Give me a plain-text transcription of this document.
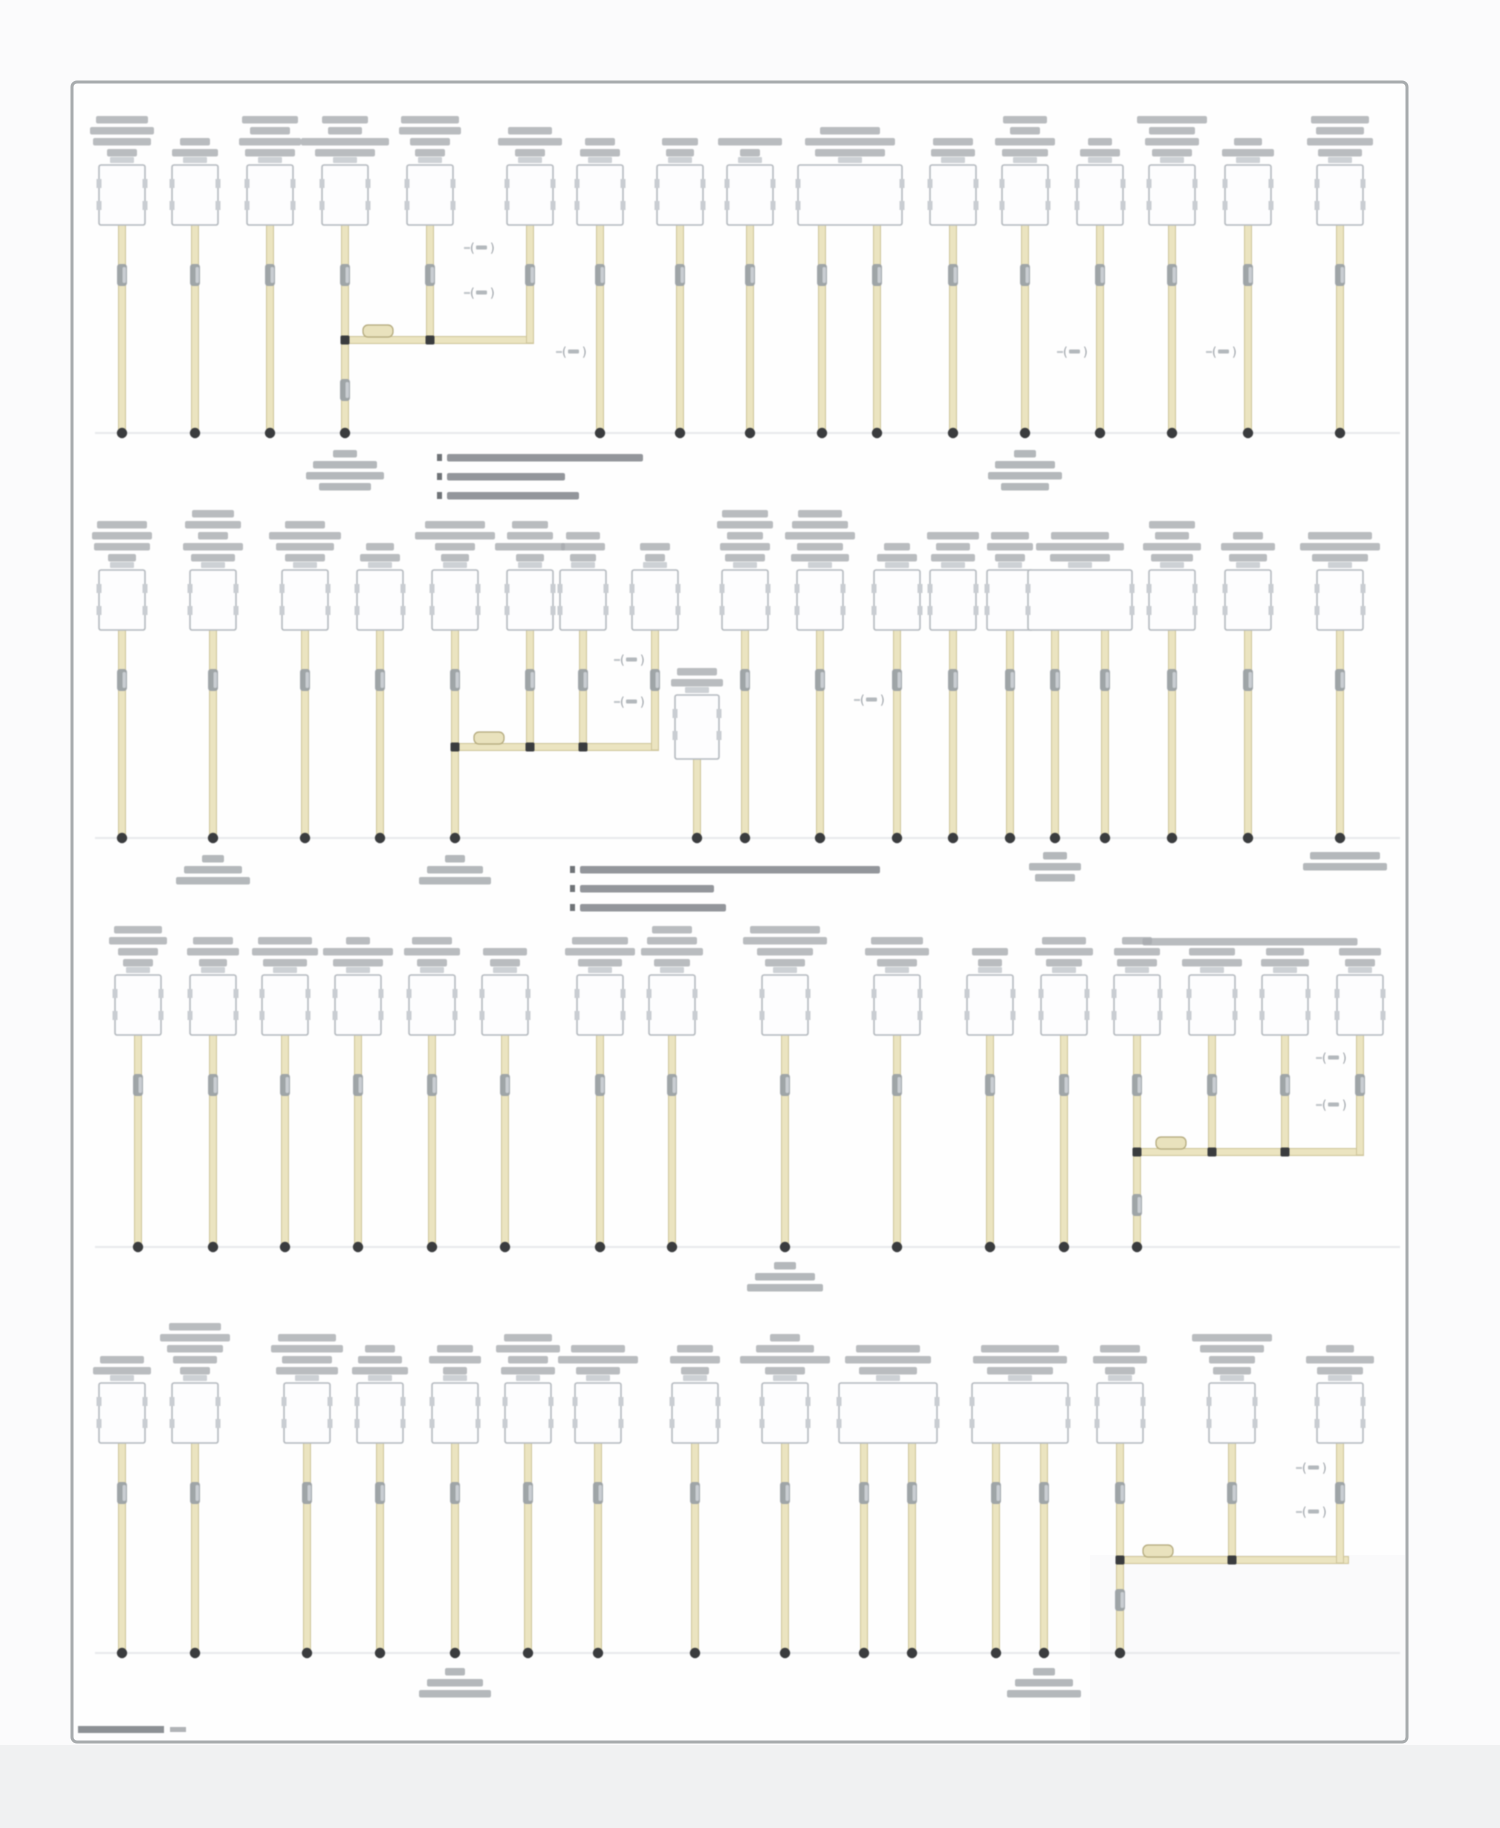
( )
( )
( )	( )	( )
( )
( )	( )
( )
( )
( )
( )
